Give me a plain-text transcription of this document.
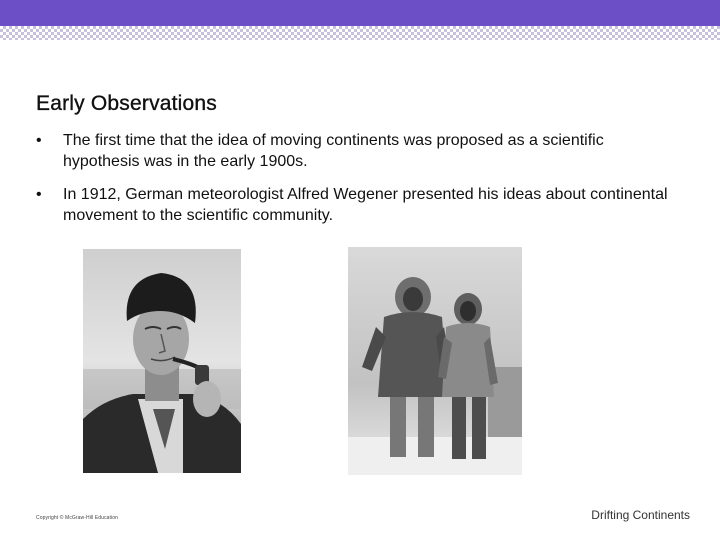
Early Observations
•	The first time that the idea of moving continents was proposed as a scientific hypothesis was in the early 1900s.
•	In 1912, German meteorologist Alfred Wegener presented his ideas about continental movement to the scientific community.
Copyright © McGraw-Hill Education	Drifting Continents
